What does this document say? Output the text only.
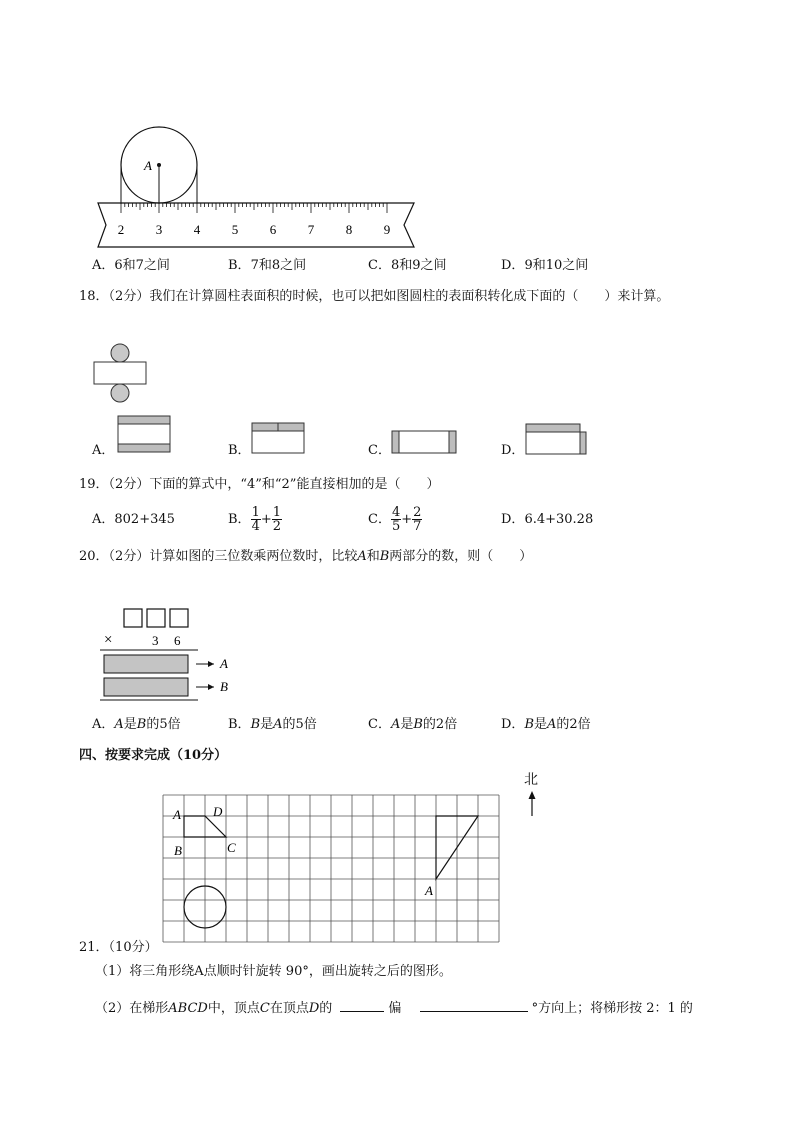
A
2 3 4 5 6 7 8 9
A．6和7之间	B．7和8之间	C．8和9之间	D．9和10之间
18．（2分）我们在计算圆柱表面积的时候，也可以把如图圆柱的表面积转化成下面的（　　）来计算。
A．	B．	C．	D．
19．（2分）下面的算式中，“4”和“2”能直接相加的是（　　）
A．802+345	B． $\frac{1}{4} + \frac{1}{2}$	C． $\frac{4}{5} + \frac{2}{7}$	D．6.4+30.28
20．（2分）计算如图的三位数乘两位数时，比较A和B两部分的数，则（　　）
×	3 6
A
B
A．A是B的5倍	B．B是A的5倍	C．A是B的2倍	D．B是A的2倍
四、按要求完成（10分）
北
A D
B	C
A
21．（10分）
（1）将三角形绕A点顺时针旋转 90°，画出旋转之后的图形。
（2）在梯形ABCD中，顶点C在顶点D的	偏	°方向上；将梯形按 2：1 的
